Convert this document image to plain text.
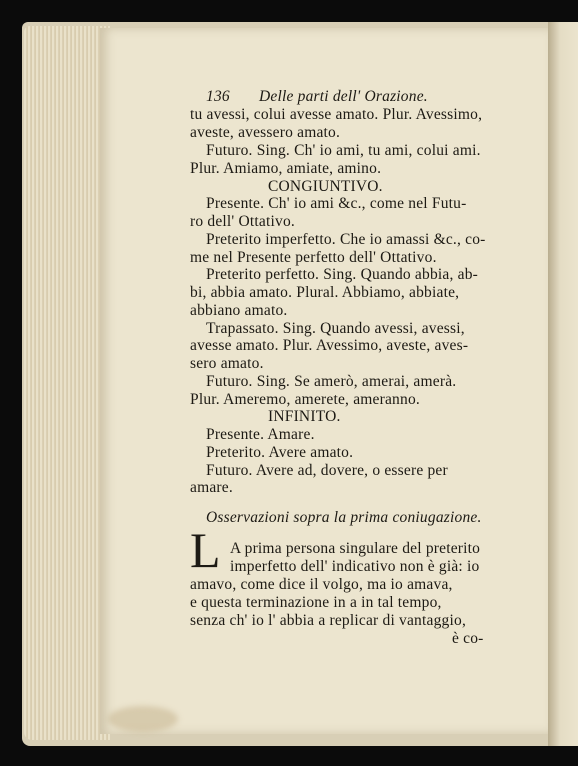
136 Delle parti dell' Orazione.
tu avessi, colui avesse amato. Plur. Avessimo,
aveste, avessero amato.
Futuro. Sing. Ch' io ami, tu ami, colui ami.
Plur. Amiamo, amiate, amino.
CONGIUNTIVO.
Presente. Ch' io ami &c., come nel Futu-
ro dell' Ottativo.
Preterito imperfetto. Che io amassi &c., co-
me nel Presente perfetto dell' Ottativo.
Preterito perfetto. Sing. Quando abbia, ab-
bi, abbia amato. Plural. Abbiamo, abbiate,
abbiano amato.
Trapassato. Sing. Quando avessi, avessi,
avesse amato. Plur. Avessimo, aveste, aves-
sero amato.
Futuro. Sing. Se amerò, amerai, amerà.
Plur. Ameremo, amerete, ameranno.
INFINITO.
Presente. Amare.
Preterito. Avere amato.
Futuro. Avere ad, dovere, o essere per
amare.
Osservazioni sopra la prima coniugazione.
L A prima persona singulare del preterito
imperfetto dell' indicativo non è già: io
amavo, come dice il volgo, ma io amava,
e questa terminazione in a in tal tempo,
senza ch' io l' abbia a replicar di vantaggio,
è co-
